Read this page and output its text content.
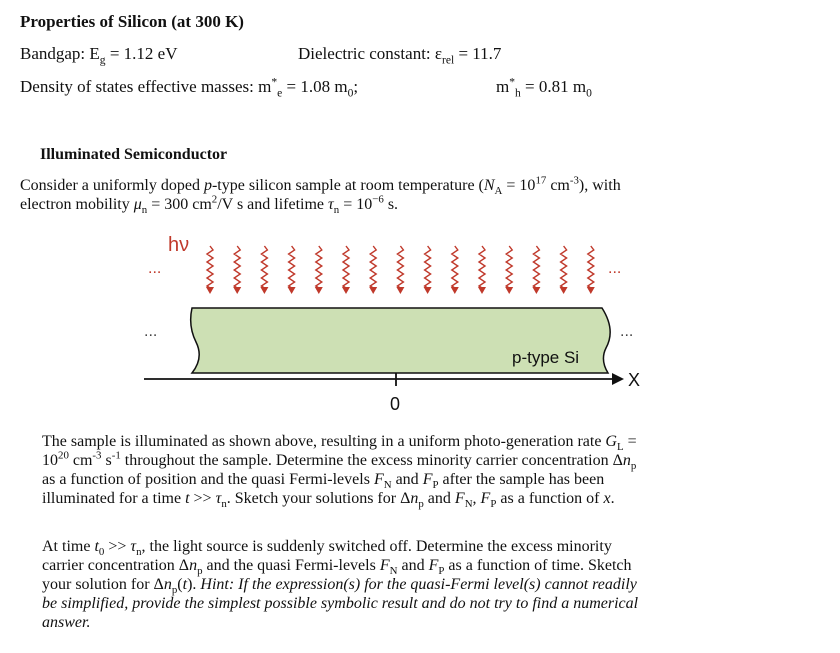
Properties of Silicon (at 300 K)
Bandgap: $E_g = 1.12$ eV	Dielectric constant: $\varepsilon_{rel} = 11.7$
Density of states effective masses: $m^*_e = 1.08$ $m_0$;	$m^*_h = 0.81$ $m_0$
Illuminated Semiconductor
Consider a uniformly doped p-type silicon sample at room temperature ($N_A = 10^{17}$ $cm^{-3}$), with
electron mobility $\mu_n = 300$ $cm^2/V$ s and lifetime $\tau_n = 10^{-6}$ s.
hν
...	...
...	...
p-type Si
X
0
The sample is illuminated as shown above, resulting in a uniform photo-generation rate $G_L$ =
$10^{20}$ $cm^{-3}$ $s^{-1}$ throughout the sample. Determine the excess minority carrier concentration $\Delta n_p$
as a function of position and the quasi Fermi-levels $F_N$ and $F_P$ after the sample has been
illuminated for a time $t >> \tau_n$. Sketch your solutions for $\Delta n_p$ and $F_N$, $F_P$ as a function of x.
At time $t_0 >> \tau_n$, the light source is suddenly switched off. Determine the excess minority
carrier concentration $\Delta n_p$ and the quasi Fermi-levels $F_N$ and $F_P$ as a function of time. Sketch
your solution for $\Delta n_p(t)$. Hint: If the expression(s) for the quasi-Fermi level(s) cannot readily
be simplified, provide the simplest possible symbolic result and do not try to find a numerical
answer.
